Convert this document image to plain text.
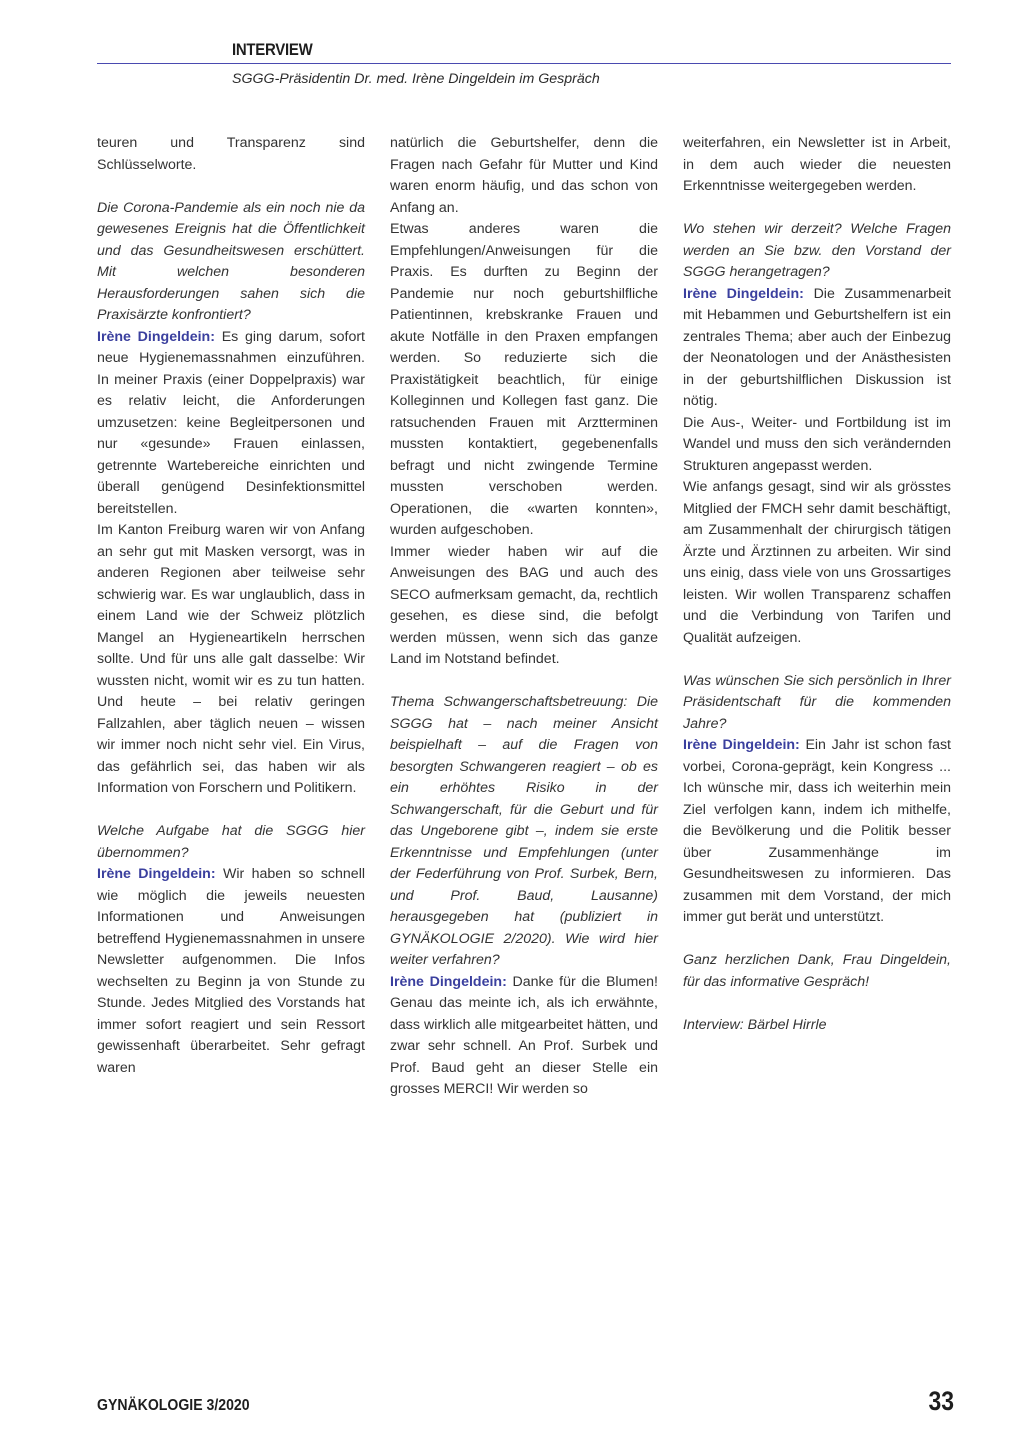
INTERVIEW
SGGG-Präsidentin Dr. med. Irène Dingeldein im Gespräch

teuren und Transparenz sind Schlüsselworte.

Die Corona-Pandemie als ein noch nie da gewesenes Ereignis hat die Öffentlichkeit und das Gesundheitswesen erschüttert. Mit welchen besonderen Herausforderungen sahen sich die Praxisärzte konfrontiert?

Irène Dingeldein: Es ging darum, sofort neue Hygienemassnahmen einzuführen. In meiner Praxis (einer Doppelpraxis) war es relativ leicht, die Anforderungen umzusetzen: keine Begleitpersonen und nur «gesunde» Frauen einlassen, getrennte Wartebereiche einrichten und überall genügend Desinfektionsmittel bereitstellen.

Im Kanton Freiburg waren wir von Anfang an sehr gut mit Masken versorgt, was in anderen Regionen aber teilweise sehr schwierig war. Es war unglaublich, dass in einem Land wie der Schweiz plötzlich Mangel an Hygieneartikeln herrschen sollte. Und für uns alle galt dasselbe: Wir wussten nicht, womit wir es zu tun hatten. Und heute – bei relativ geringen Fallzahlen, aber täglich neuen – wissen wir immer noch nicht sehr viel. Ein Virus, das gefährlich sei, das haben wir als Information von Forschern und Politikern.

Welche Aufgabe hat die SGGG hier übernommen?

Irène Dingeldein: Wir haben so schnell wie möglich die jeweils neuesten Informationen und Anweisungen betreffend Hygienemassnahmen in unsere Newsletter aufgenommen. Die Infos wechselten zu Beginn ja von Stunde zu Stunde. Jedes Mitglied des Vorstands hat immer sofort reagiert und sein Ressort gewissenhaft überarbeitet. Sehr gefragt waren

natürlich die Geburtshelfer, denn die Fragen nach Gefahr für Mutter und Kind waren enorm häufig, und das schon von Anfang an.

Etwas anderes waren die Empfehlungen/Anweisungen für die Praxis. Es durften zu Beginn der Pandemie nur noch geburtshilfliche Patientinnen, krebskranke Frauen und akute Notfälle in den Praxen empfangen werden. So reduzierte sich die Praxistätigkeit beachtlich, für einige Kolleginnen und Kollegen fast ganz. Die ratsuchenden Frauen mit Arztterminen mussten kontaktiert, gegebenenfalls befragt und nicht zwingende Termine mussten verschoben werden. Operationen, die «warten konnten», wurden aufgeschoben.

Immer wieder haben wir auf die Anweisungen des BAG und auch des SECO aufmerksam gemacht, da, rechtlich gesehen, es diese sind, die befolgt werden müssen, wenn sich das ganze Land im Notstand befindet.

Thema Schwangerschaftsbetreuung: Die SGGG hat – nach meiner Ansicht beispielhaft – auf die Fragen von besorgten Schwangeren reagiert – ob es ein erhöhtes Risiko in der Schwangerschaft, für die Geburt und für das Ungeborene gibt –, indem sie erste Erkenntnisse und Empfehlungen (unter der Federführung von Prof. Surbek, Bern, und Prof. Baud, Lausanne) herausgegeben hat (publiziert in GYNÄKOLOGIE 2/2020). Wie wird hier weiter verfahren?

Irène Dingeldein: Danke für die Blumen! Genau das meinte ich, als ich erwähnte, dass wirklich alle mitgearbeitet hätten, und zwar sehr schnell. An Prof. Surbek und Prof. Baud geht an dieser Stelle ein grosses MERCI! Wir werden so

weiterfahren, ein Newsletter ist in Arbeit, in dem auch wieder die neuesten Erkenntnisse weitergegeben werden.

Wo stehen wir derzeit? Welche Fragen werden an Sie bzw. den Vorstand der SGGG herangetragen?

Irène Dingeldein: Die Zusammenarbeit mit Hebammen und Geburtshelfern ist ein zentrales Thema; aber auch der Einbezug der Neonatologen und der Anästhesisten in der geburtshilflichen Diskussion ist nötig.

Die Aus-, Weiter- und Fortbildung ist im Wandel und muss den sich verändernden Strukturen angepasst werden.

Wie anfangs gesagt, sind wir als grösstes Mitglied der FMCH sehr damit beschäftigt, am Zusammenhalt der chirurgisch tätigen Ärzte und Ärztinnen zu arbeiten. Wir sind uns einig, dass viele von uns Grossartiges leisten. Wir wollen Transparenz schaffen und die Verbindung von Tarifen und Qualität aufzeigen.

Was wünschen Sie sich persönlich in Ihrer Präsidentschaft für die kommenden Jahre?

Irène Dingeldein: Ein Jahr ist schon fast vorbei, Corona-geprägt, kein Kongress ... Ich wünsche mir, dass ich weiterhin mein Ziel verfolgen kann, indem ich mithelfe, die Bevölkerung und die Politik besser über Zusammenhänge im Gesundheitswesen zu informieren. Das zusammen mit dem Vorstand, der mich immer gut berät und unterstützt.

Ganz herzlichen Dank, Frau Dingeldein, für das informative Gespräch!

Interview: Bärbel Hirrle

GYNÄKOLOGIE 3/2020	33
